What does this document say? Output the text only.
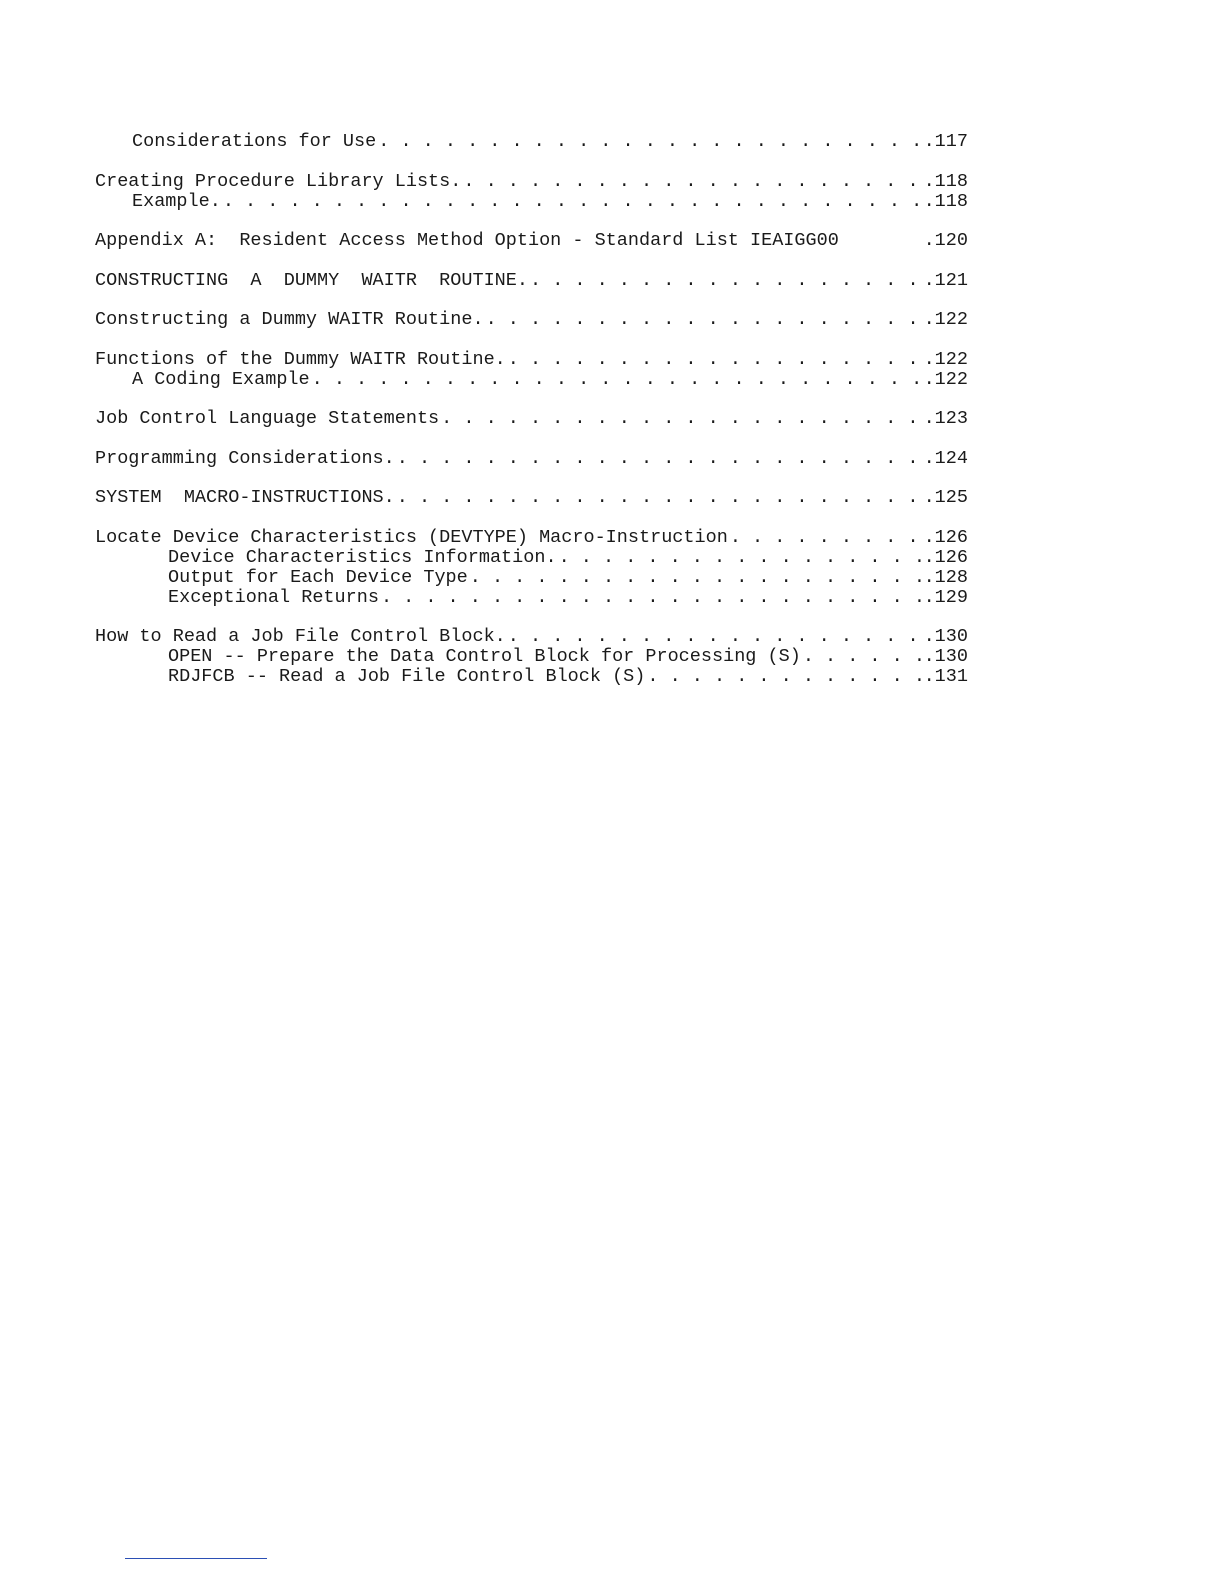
Considerations for Use . . .	.117
Creating Procedure Library Lists. . . .	.118
Example. . . .	.118
Appendix A:  Resident Access Method Option - Standard List IEAIGG00	.120
CONSTRUCTING  A  DUMMY  WAITR  ROUTINE. . . .	.121
Constructing a Dummy WAITR Routine. . . .	.122
Functions of the Dummy WAITR Routine. . . .	.122
A Coding Example . . .	.122
Job Control Language Statements . . .	.123
Programming Considerations. . . .	.124
SYSTEM  MACRO-INSTRUCTIONS. . . .	.125
Locate Device Characteristics (DEVTYPE) Macro-Instruction . . .	.126
Device Characteristics Information. . . .	.126
Output for Each Device Type . . .	.128
Exceptional Returns . . .	.129
How to Read a Job File Control Block. . . .	.130
OPEN -- Prepare the Data Control Block for Processing (S) . . .	.130
RDJFCB -- Read a Job File Control Block (S) . . .	.131
